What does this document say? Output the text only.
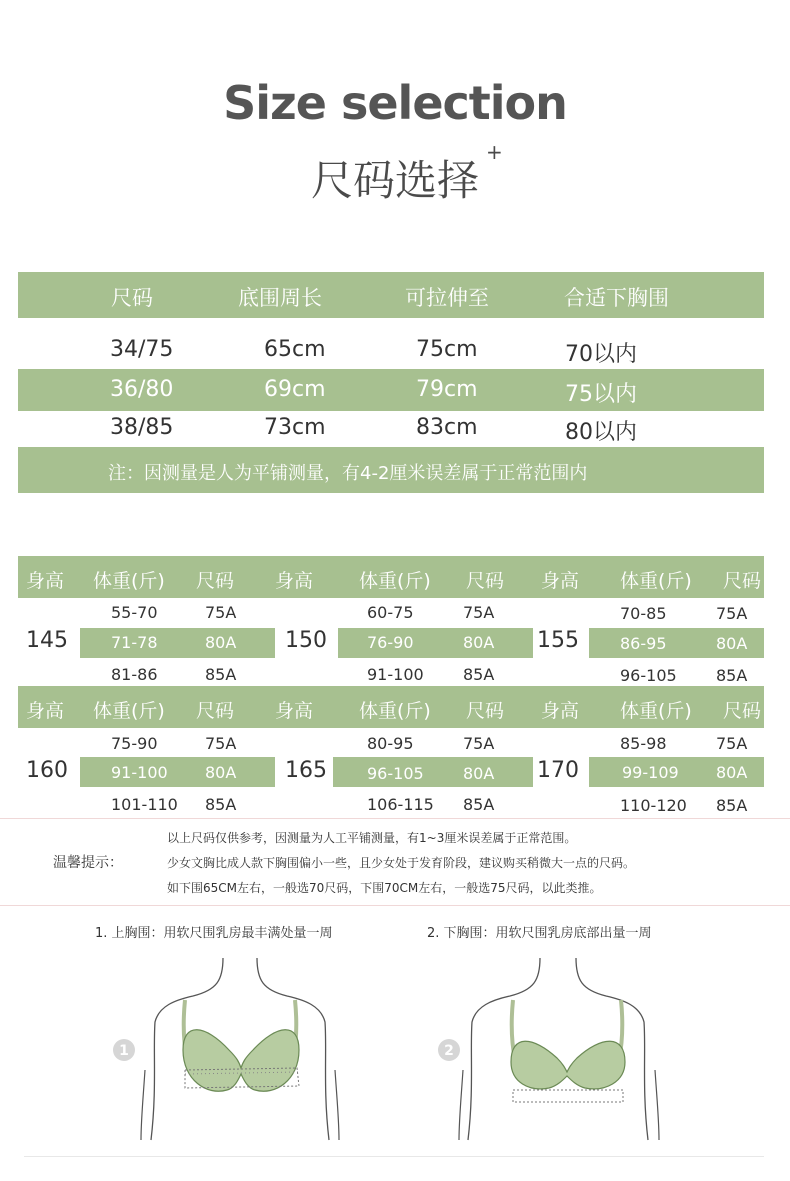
Size selection
尺码选择
+
尺码	底围周长	可拉伸至	合适下胸围
34/75	65cm	75cm	70以内
36/80	69cm	79cm	75以内
38/85	73cm	83cm	80以内
注：因测量是人为平铺测量，有4-2厘米误差属于正常范围内
身高 体重(斤) 尺码 身高 体重(斤) 尺码 身高 体重(斤) 尺码
145
55-70	75A
71-78	80A
81-86	85A
150
60-75	75A
76-90	80A
91-100 85A
155
70-85	75A
86-95	80A
96-105 85A
身高 体重(斤) 尺码 身高 体重(斤) 尺码 身高 体重(斤) 尺码
160
75-90	75A
91-100 80A
101-110 85A
165
80-95	75A
96-105 80A
106-115 85A
170
85-98	75A
99-109 80A
110-120 85A
温馨提示：
以上尺码仅供参考，因测量为人工平铺测量，有1~3厘米误差属于正常范围。
少女文胸比成人款下胸围偏小一些，且少女处于发育阶段，建议购买稍微大一点的尺码。
如下围65CM左右，一般选70尺码，下围70CM左右，一般选75尺码，以此类推。
1. 上胸围：用软尺围乳房最丰满处量一周	2. 下胸围：用软尺围乳房底部出量一周
1	2
